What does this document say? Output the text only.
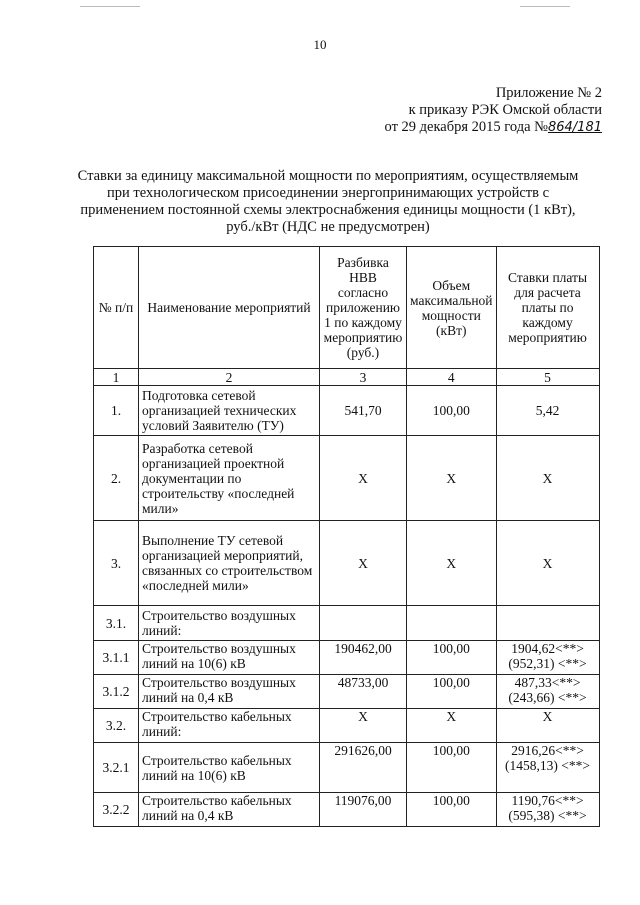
10
Приложение № 2
к приказу РЭК Омской области
от 29 декабря 2015 года №864/181
Ставки за единицу максимальной мощности по мероприятиям, осуществляемым при технологическом присоединении энергопринимающих устройств с применением постоянной схемы электроснабжения единицы мощности (1 кВт), руб./кВт (НДС не предусмотрен)
№ п/п	Наименование мероприятий	Разбивка НВВ согласно приложению 1 по каждому мероприятию (руб.)	Объем максимальной мощности (кВт)	Ставки платы для расчета платы по каждому мероприятию
1	2	3	4	5
1.	Подготовка сетевой организацией технических условий Заявителю (ТУ)	541,70	100,00	5,42
2.	Разработка сетевой организацией проектной документации по строительству «последней мили»	Х	Х	Х
3.	Выполнение ТУ сетевой организацией мероприятий, связанных со строительством «последней мили»	Х	Х	Х
3.1.	Строительство воздушных линий:			
3.1.1	Строительство воздушных линий на 10(6) кВ	190462,00	100,00	1904,62<**>
(952,31) <**>

3.1.2	Строительство воздушных линий на 0,4 кВ	48733,00	100,00	487,33<**>
(243,66) <**>

3.2.	Строительство кабельных линий:	Х	Х	Х
3.2.1	Строительство кабельных линий на 10(6) кВ	291626,00	100,00	2916,26<**>
(1458,13) <**>

3.2.2	Строительство кабельных линий на 0,4 кВ	119076,00	100,00	1190,76<**>
(595,38) <**>
